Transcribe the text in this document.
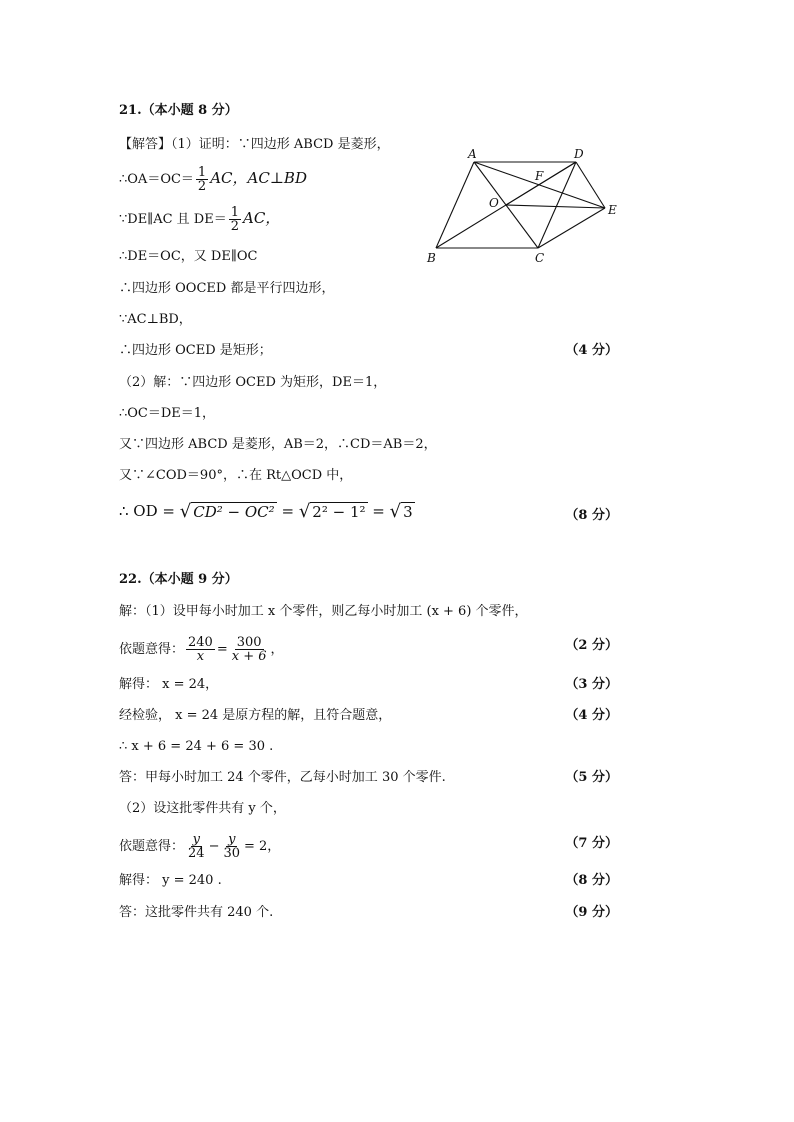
21.（本小题 8 分）
【解答】（1）证明：∵四边形 ABCD 是菱形，
∴OA＝OC＝ $\frac{1}{2}$ AC，AC⊥BD
∵DE∥AC 且 $DE= \frac{1}{2}$ AC，
∴DE＝OC，又 DE∥OC
∴四边形 OOCED 都是平行四边形，
∵AC⊥BD，
∴四边形 OCED 是矩形；	（4 分）
（2）解：∵四边形 OCED 为矩形，DE＝1，
∴OC＝DE＝1，
又∵四边形 ABCD 是菱形，AB＝2，∴CD＝AB＝2，
又∵∠COD＝90°，∴在 Rt△OCD 中，
∴ OD = √ CD² − OC² = √ 2² − 1² = √ 3	（8 分）
A	D
F
O	E
B	C
22.（本小题 9 分）
解：（1）设甲每小时加工 x 个零件，则乙每小时加工 (x + 6) 个零件，
依题意得： $\frac{240}{x} = \frac{300}{x + 6}$ ，	（2 分）
解得： x = 24，	（3 分）
经检验， x = 24 是原方程的解，且符合题意，	（4 分）
∴ x + 6 = 24 + 6 = 30 .
答：甲每小时加工 24 个零件，乙每小时加工 30 个零件.	（5 分）
（2）设这批零件共有 y 个，
依题意得： $\frac{y}{24} - \frac{y}{30} = 2$，	（7 分）
解得： y = 240 .	（8 分）
答：这批零件共有 240 个.	（9 分）
